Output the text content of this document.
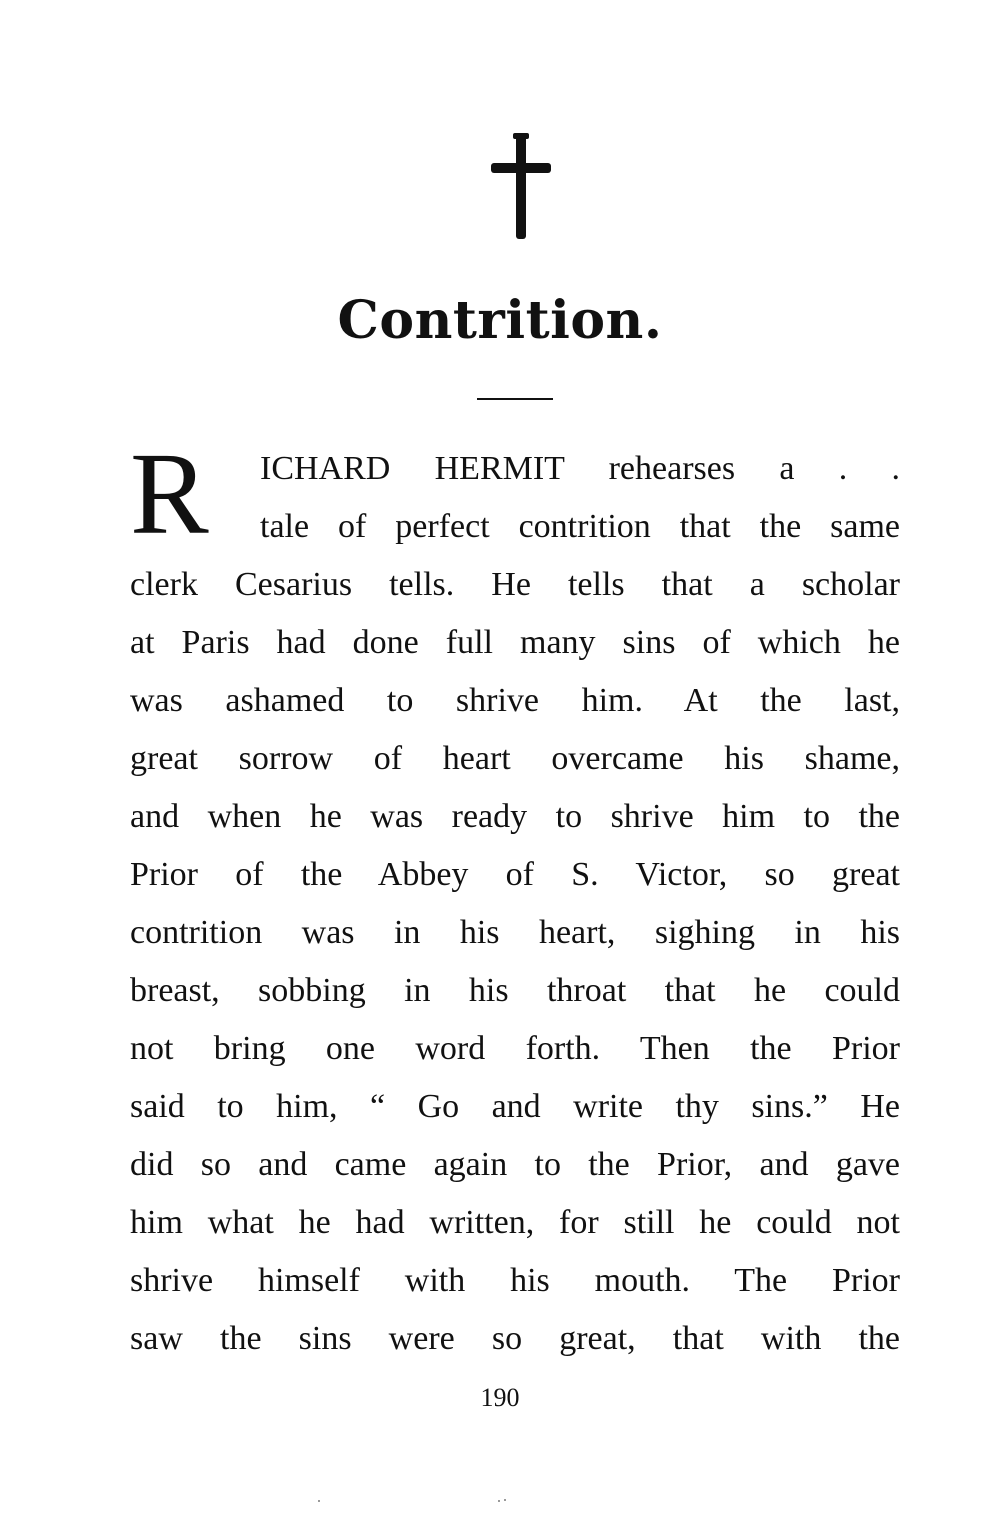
Contrition.
R ICHARD HERMIT rehearses a . .
tale of perfect contrition that the same
clerk Cesarius tells. He tells that a scholar
at Paris had done full many sins of which he
was ashamed to shrive him. At the last,
great sorrow of heart overcame his shame,
and when he was ready to shrive him to the
Prior of the Abbey of S. Victor, so great
contrition was in his heart, sighing in his
breast, sobbing in his throat that he could
not bring one word forth. Then the Prior
said to him, “ Go and write thy sins.” He
did so and came again to the Prior, and gave
him what he had written, for still he could not
shrive himself with his mouth. The Prior
saw the sins were so great, that with the
190
